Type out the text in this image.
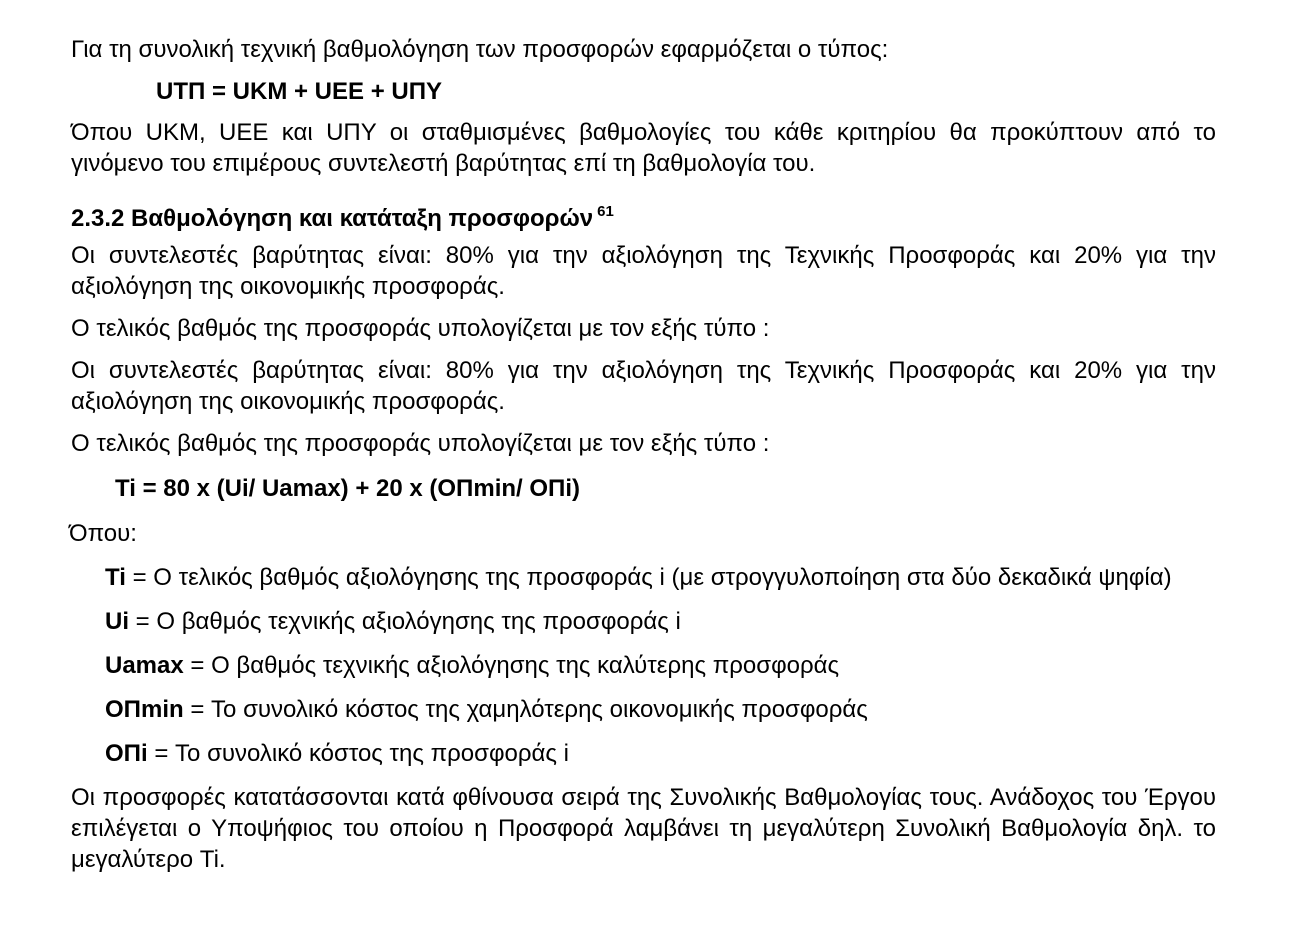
Για τη συνολική τεχνική βαθμολόγηση των προσφορών εφαρμόζεται ο τύπος:

UTΠ = UKM + UEE + UΠY

Όπου UKM, UEE και UΠY οι σταθμισμένες βαθμολογίες του κάθε κριτηρίου θα προκύπτουν από το γινόμενο του επιμέρους συντελεστή βαρύτητας επί τη βαθμολογία του.

2.3.2 Βαθμολόγηση και κατάταξη προσφορών $^{61}$

Οι συντελεστές βαρύτητας είναι: 80% για την αξιολόγηση της Τεχνικής Προσφοράς και 20% για την αξιολόγηση της οικονομικής προσφοράς.

Ο τελικός βαθμός της προσφοράς υπολογίζεται με τον εξής τύπο :

Οι συντελεστές βαρύτητας είναι: 80% για την αξιολόγηση της Τεχνικής Προσφοράς και 20% για την αξιολόγηση της οικονομικής προσφοράς.

Ο τελικός βαθμός της προσφοράς υπολογίζεται με τον εξής τύπο :

Ti = 80 x (Ui/ Uamax) + 20 x (ΟΠmin/ ΟΠi)

Όπου:

Ti = Ο τελικός βαθμός αξιολόγησης της προσφοράς i (με στρογγυλοποίηση στα δύο δεκαδικά ψηφία)

Ui = Ο βαθμός τεχνικής αξιολόγησης της προσφοράς i

Uamax = Ο βαθμός τεχνικής αξιολόγησης της καλύτερης προσφοράς

ΟΠmin = Το συνολικό κόστος της χαμηλότερης οικονομικής προσφοράς

ΟΠi = Το συνολικό κόστος της προσφοράς i

Οι προσφορές κατατάσσονται κατά φθίνουσα σειρά της Συνολικής Βαθμολογίας τους. Ανάδοχος του Έργου επιλέγεται ο Υποψήφιος του οποίου η Προσφορά λαμβάνει τη μεγαλύτερη Συνολική Βαθμολογία δηλ. το μεγαλύτερο Ti.
